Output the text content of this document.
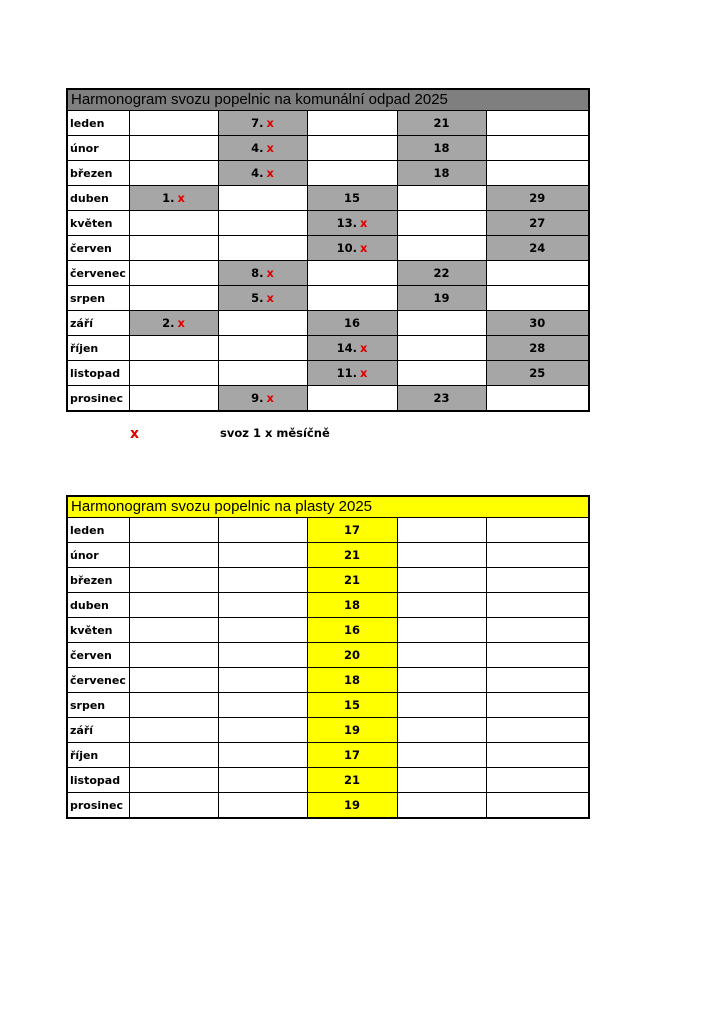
Harmonogram svozu popelnic na komunální odpad 2025					
leden		7. x		21	
únor		4. x		18	
březen		4. x		18	
duben	1. x		15		29
květen			13. x		27
červen			10. x		24
červenec		8. x		22	
srpen		5. x		19	
září	2. x		16		30
říjen			14. x		28
listopad			11. x		25
prosinec		9. x		23	
x	svoz 1 x měsíčně
Harmonogram svozu popelnic na plasty 2025					
leden			17		
únor			21		
březen			21		
duben			18		
květen			16		
červen			20		
červenec			18		
srpen			15		
září			19		
říjen			17		
listopad			21		
prosinec			19		
